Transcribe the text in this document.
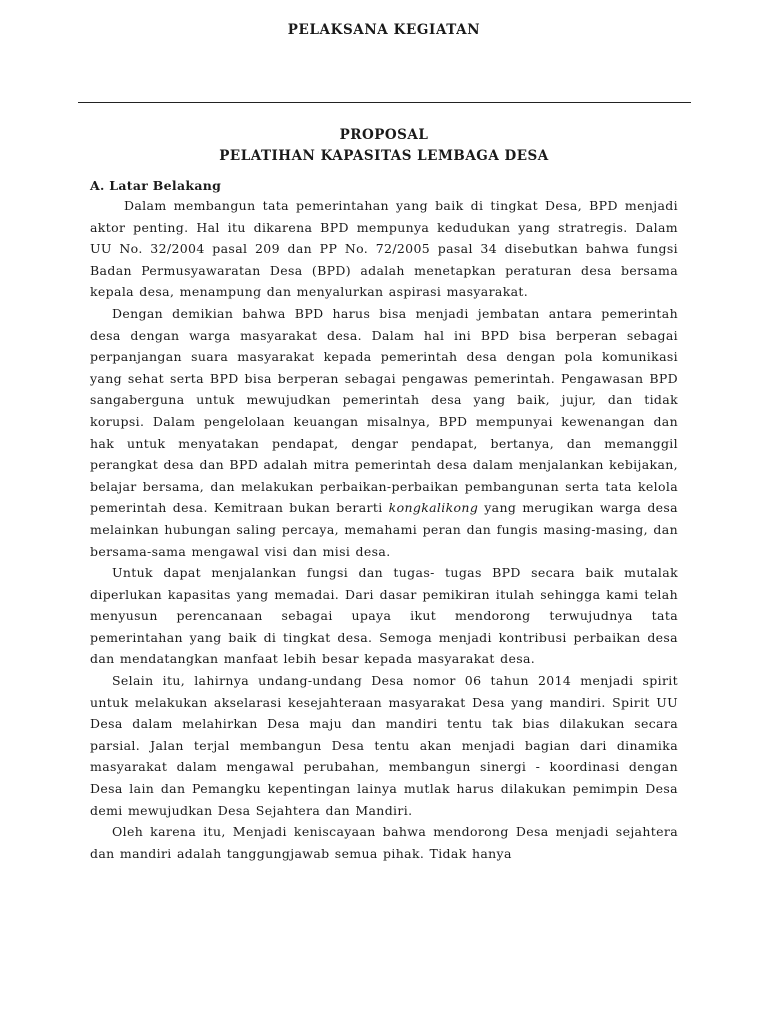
PELAKSANA KEGIATAN
PROPOSAL
PELATIHAN KAPASITAS LEMBAGA DESA

A. Latar Belakang

Dalam membangun tata pemerintahan yang baik di tingkat Desa, BPD menjadi aktor penting. Hal itu dikarena BPD mempunya kedudukan yang stratregis. Dalam UU No. 32/2004 pasal 209 dan PP No. 72/2005 pasal 34 disebutkan bahwa fungsi Badan Permusyawaratan Desa (BPD) adalah menetapkan peraturan desa bersama kepala desa, menampung dan menyalurkan aspirasi masyarakat.

Dengan demikian bahwa BPD harus bisa menjadi jembatan antara pemerintah desa dengan warga masyarakat desa. Dalam hal ini BPD bisa berperan sebagai perpanjangan suara masyarakat kepada pemerintah desa dengan pola komunikasi yang sehat serta BPD bisa berperan sebagai pengawas pemerintah. Pengawasan BPD sangaberguna untuk mewujudkan pemerintah desa yang baik, jujur, dan tidak korupsi. Dalam pengelolaan keuangan misalnya, BPD mempunyai kewenangan dan hak untuk menyatakan pendapat, dengar pendapat, bertanya, dan memanggil perangkat desa dan BPD adalah mitra pemerintah desa dalam menjalankan kebijakan, belajar bersama, dan melakukan perbaikan-perbaikan pembangunan serta tata kelola pemerintah desa. Kemitraan bukan berarti kongkalikong yang merugikan warga desa melainkan hubungan saling percaya, memahami peran dan fungis masing-masing, dan bersama-sama mengawal visi dan misi desa.

Untuk dapat menjalankan fungsi dan tugas- tugas BPD secara baik mutalak diperlukan kapasitas yang memadai. Dari dasar pemikiran itulah sehingga kami telah menyusun perencanaan sebagai upaya ikut mendorong terwujudnya tata pemerintahan yang baik di tingkat desa. Semoga menjadi kontribusi perbaikan desa dan mendatangkan manfaat lebih besar kepada masyarakat desa.

Selain itu, lahirnya undang-undang Desa nomor 06 tahun 2014 menjadi spirit untuk melakukan akselarasi kesejahteraan masyarakat Desa yang mandiri. Spirit UU Desa dalam melahirkan Desa maju dan mandiri tentu tak bias dilakukan secara parsial. Jalan terjal membangun Desa tentu akan menjadi bagian dari dinamika masyarakat dalam mengawal perubahan, membangun sinergi - koordinasi dengan Desa lain dan Pemangku kepentingan lainya mutlak harus dilakukan pemimpin Desa demi mewujudkan Desa Sejahtera dan Mandiri.

Oleh karena itu, Menjadi keniscayaan bahwa mendorong Desa menjadi sejahtera dan mandiri adalah tanggungjawab semua pihak. Tidak hanya
